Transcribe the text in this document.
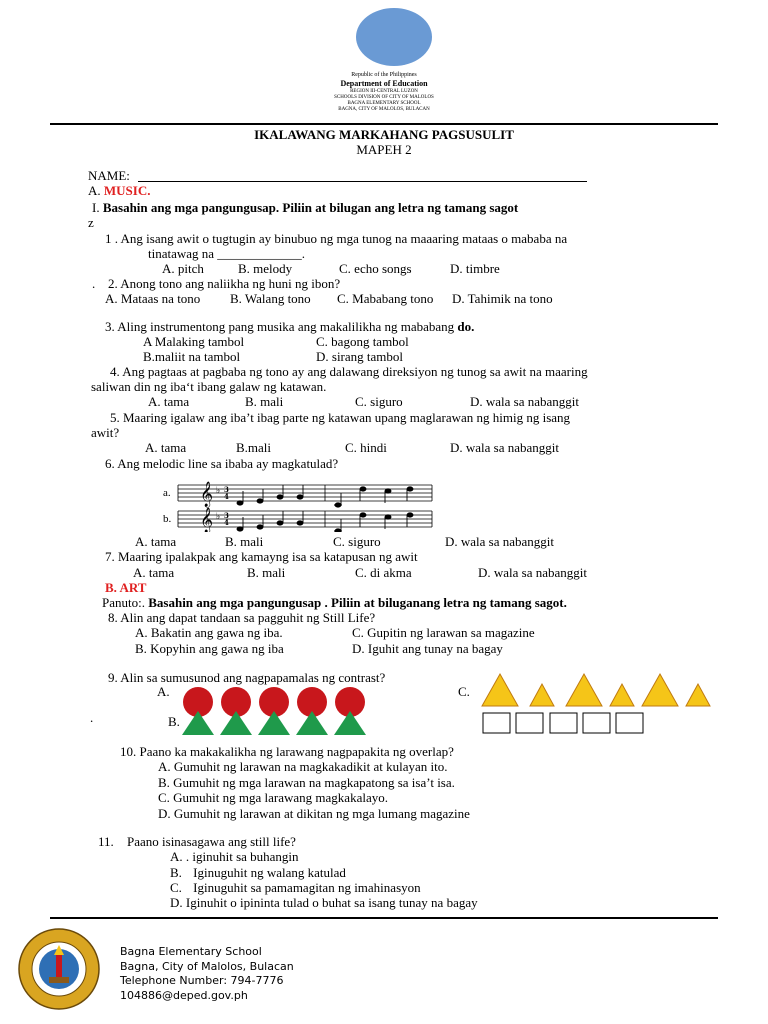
Republic of the Philippines
Department of Education
REGION III-CENTRAL LUZON
SCHOOLS DIVISION OF CITY OF MALOLOS
BAGNA ELEMENTARY SCHOOL
BAGNA, CITY OF MALOLOS, BULACAN
IKALAWANG MARKAHANG PAGSUSULIT
MAPEH 2
NAME:
A. MUSIC.
I. Basahin ang mga pangungusap. Piliin at bilugan ang letra ng tamang sagot
z
1 . Ang isang awit o tugtugin ay binubuo ng mga tunog na maaaring mataas o mababa na
tinatawag na _____________.
A. pitch	B. melody	C. echo songs	D. timbre
. 2. Anong tono ang naliikha ng huni ng ibon?
A. Mataas na tono B. Walang tono C. Mababang tono D. Tahimik na tono
3. Aling instrumentong pang musika ang makalilikha ng mababang do.
A Malaking tambol	C. bagong tambol
B.maliit na tambol	D. sirang tambol
4. Ang pagtaas at pagbaba ng tono ay ang dalawang direksiyon ng tunog sa awit na maaring
saliwan din ng iba‘t ibang galaw ng katawan.
A. tama	B. mali	C. siguro	D. wala sa nabanggit
5. Maaring igalaw ang iba’t ibag parte ng katawan upang maglarawan ng himig ng isang
awit?
A. tama	B.mali	C. hindi	D. wala sa nabanggit
6. Ang melodic line sa ibaba ay magkatulad?
a.
b.
𝄞
𝄞
♭
♭
3
4
3
4
A. tama	B. mali	C. siguro	D. wala sa nabanggit
7. Maaring ipalakpak ang kamayng isa sa katapusan ng awit
A. tama	B. mali	C. di akma	D. wala sa nabanggit
B. ART
Panuto:. Basahin ang mga pangungusap . Piliin at biluganang letra ng tamang sagot.
8. Alin ang dapat tandaan sa pagguhit ng Still Life?
A. Bakatin ang gawa ng iba.	C. Gupitin ng larawan sa magazine
B. Kopyhin ang gawa ng iba	D. Iguhit ang tunay na bagay
9. Alin sa sumusunod ang nagpapamalas ng contrast?
A.
B.
.
C.
10. Paano ka makakalikha ng larawang nagpapakita ng overlap?
A. Gumuhit ng larawan na magkakadikit at kulayan ito.
B. Gumuhit ng mga larawan na magkapatong sa isa’t isa.
C. Gumuhit ng mga larawang magkakalayo.
D. Gumuhit ng larawan at dikitan ng mga lumang magazine
11. Paano isinasagawa ang still life?
A. . iginuhit sa buhangin
B. Iginuguhit ng walang katulad
C. Iginuguhit sa pamamagitan ng imahinasyon
D. Iginuhit o ipininta tulad o buhat sa isang tunay na bagay
Bagna Elementary School
Bagna, City of Malolos, Bulacan
Telephone Number: 794-7776
104886@deped.gov.ph
